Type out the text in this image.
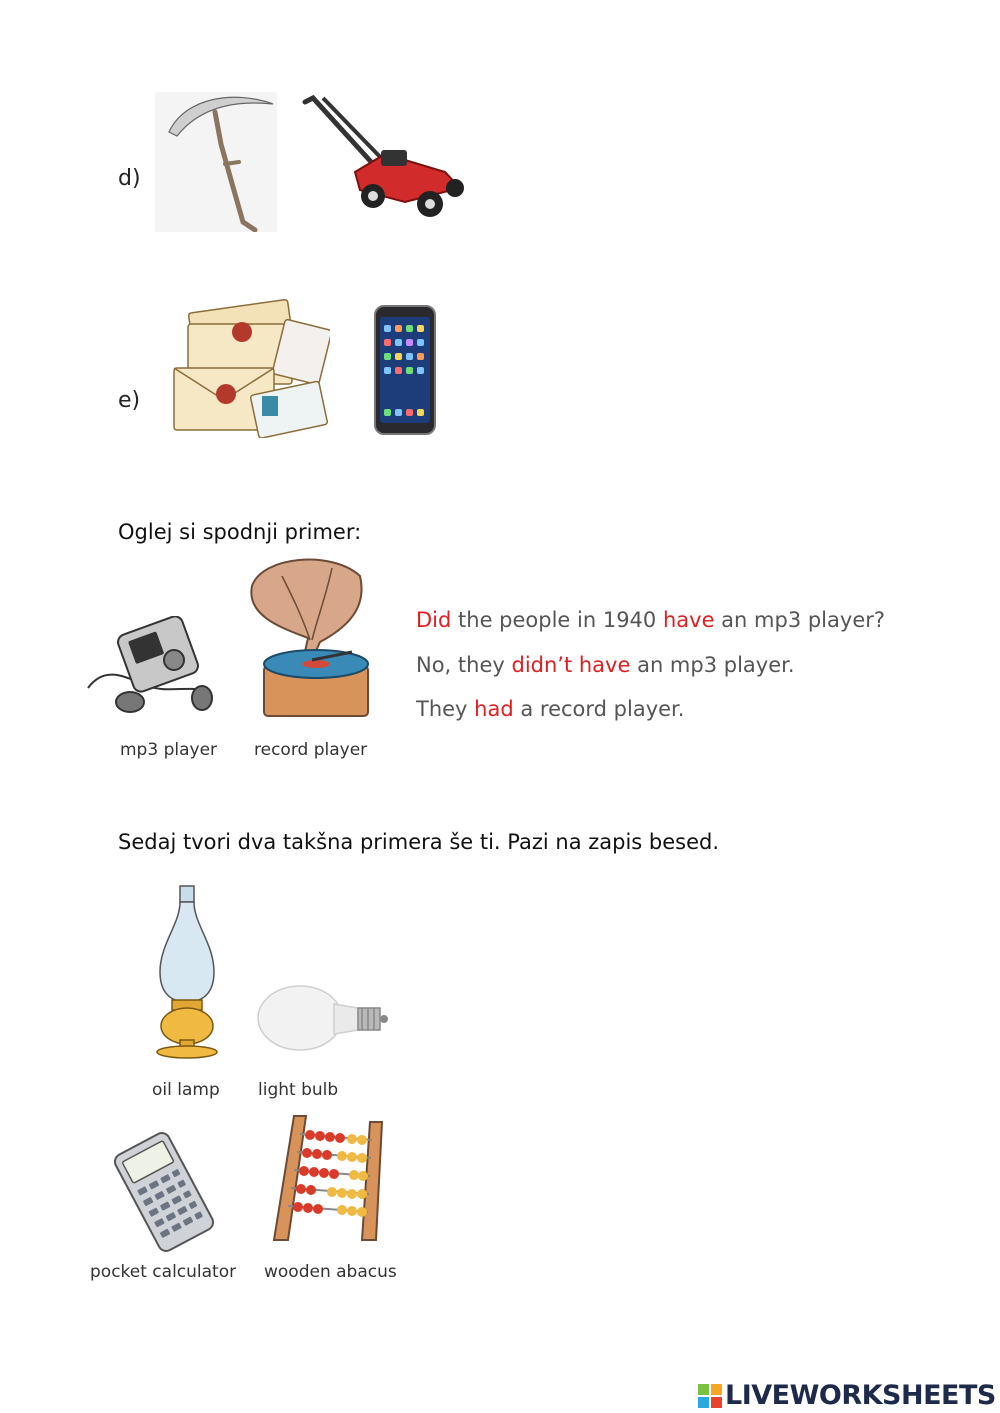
d)
e)
Oglej si spodnji primer:
mp3 player record player
Did the people in 1940 have an mp3 player?
No, they didn’t have an mp3 player.
They had a record player.
Sedaj tvori dva takšna primera še ti. Pazi na zapis besed.
oil lamp light bulb
pocket calculator wooden abacus
LIVEWORKSHEETS
